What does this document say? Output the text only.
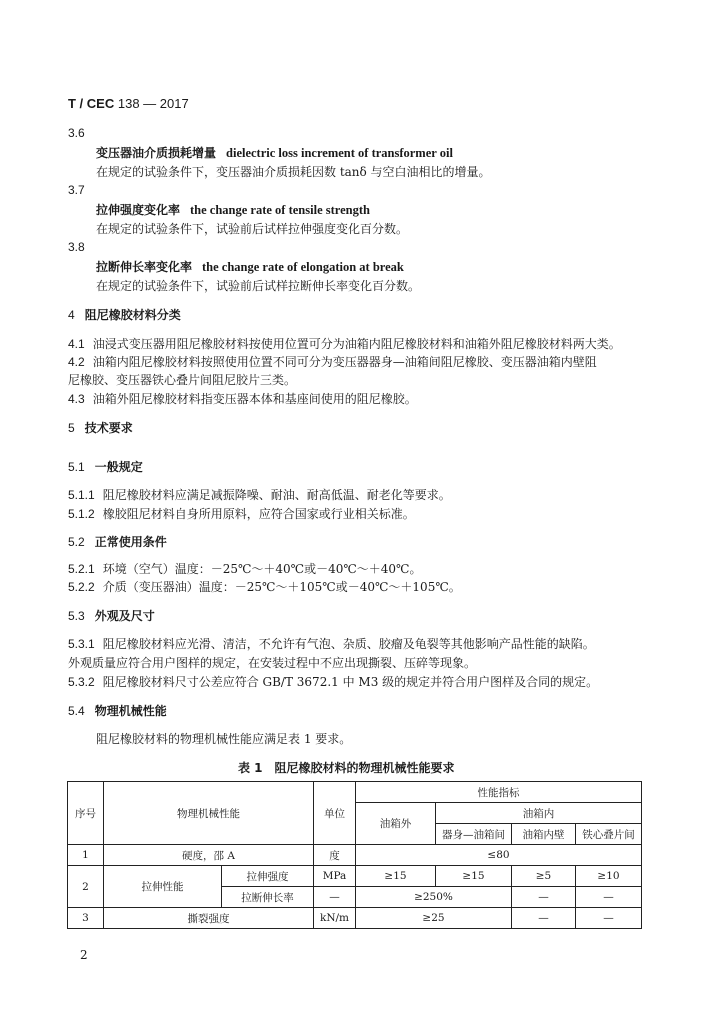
T / CEC 138 — 2017
3.6
变压器油介质损耗增量 dielectric loss increment of transformer oil
在规定的试验条件下，变压器油介质损耗因数 tanδ 与空白油相比的增量。
3.7
拉伸强度变化率 the change rate of tensile strength
在规定的试验条件下，试验前后试样拉伸强度变化百分数。
3.8
拉断伸长率变化率 the change rate of elongation at break
在规定的试验条件下，试验前后试样拉断伸长率变化百分数。
4 阻尼橡胶材料分类
4.1 油浸式变压器用阻尼橡胶材料按使用位置可分为油箱内阻尼橡胶材料和油箱外阻尼橡胶材料两大类。
4.2 油箱内阻尼橡胶材料按照使用位置不同可分为变压器器身—油箱间阻尼橡胶、变压器油箱内壁阻
尼橡胶、变压器铁心叠片间阻尼胶片三类。
4.3 油箱外阻尼橡胶材料指变压器本体和基座间使用的阻尼橡胶。
5 技术要求
5.1 一般规定
5.1.1 阻尼橡胶材料应满足减振降噪、耐油、耐高低温、耐老化等要求。
5.1.2 橡胶阻尼材料自身所用原料，应符合国家或行业相关标准。
5.2 正常使用条件
5.2.1 环境（空气）温度：－25℃～＋40℃或－40℃～＋40℃。
5.2.2 介质（变压器油）温度：－25℃～＋105℃或－40℃～＋105℃。
5.3 外观及尺寸
5.3.1 阻尼橡胶材料应光滑、清洁，不允许有气泡、杂质、胶瘤及龟裂等其他影响产品性能的缺陷。
外观质量应符合用户图样的规定，在安装过程中不应出现撕裂、压碎等现象。
5.3.2 阻尼橡胶材料尺寸公差应符合 GB/T 3672.1 中 M3 级的规定并符合用户图样及合同的规定。
5.4 物理机械性能
阻尼橡胶材料的物理机械性能应满足表 1 要求。
表 1　阻尼橡胶材料的物理机械性能要求
序号	物理机械性能		单位	性能指标			
				油箱外	油箱内		
					器身—油箱间	油箱内壁	铁心叠片间
1	硬度，邵 A		度	≤80			
2	拉伸性能	拉伸强度	MPa	≥15	≥15	≥5	≥10
		拉断伸长率	—	≥250%		—	—
3	撕裂强度		kN/m	≥25		—	—
2
